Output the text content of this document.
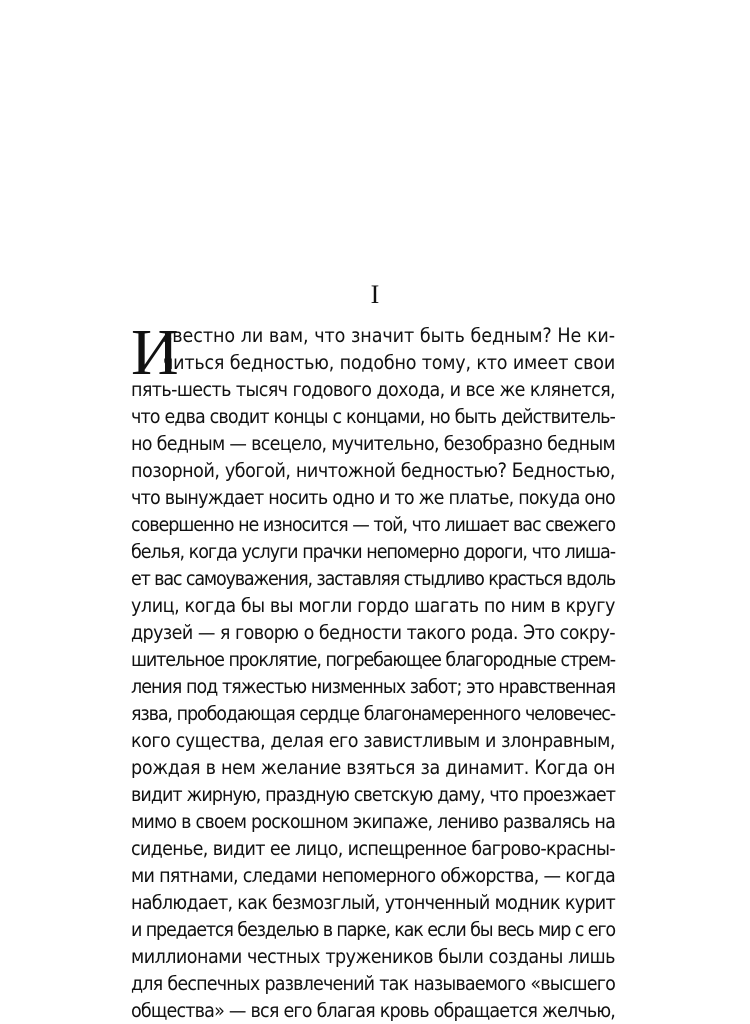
I
И
звестно ли вам, что значит быть бедным? Не ки-
читься бедностью, подобно тому, кто имеет свои
пять-шесть тысяч годового дохода, и все же клянется,
что едва сводит концы с концами, но быть действитель-
но бедным — всецело, мучительно, безобразно бедным
позорной, убогой, ничтожной бедностью? Бедностью,
что вынуждает носить одно и то же платье, покуда оно
совершенно не износится — той, что лишает вас свежего
белья, когда услуги прачки непомерно дороги, что лиша-
ет вас самоуважения, заставляя стыдливо красться вдоль
улиц, когда бы вы могли гордо шагать по ним в кругу
друзей — я говорю о бедности такого рода. Это сокру-
шительное проклятие, погребающее благородные стрем-
ления под тяжестью низменных забот; это нравственная
язва, прободающая сердце благонамеренного человечес-
кого существа, делая его завистливым и злонравным,
рождая в нем желание взяться за динамит. Когда он
видит жирную, праздную светскую даму, что проезжает
мимо в своем роскошном экипаже, лениво развалясь на
сиденье, видит ее лицо, испещренное багрово-красны-
ми пятнами, следами непомерного обжорства, — когда
наблюдает, как безмозглый, утонченный модник курит
и предается безделью в парке, как если бы весь мир с его
миллионами честных тружеников были созданы лишь
для беспечных развлечений так называемого «высшего
общества» — вся его благая кровь обращается желчью,
